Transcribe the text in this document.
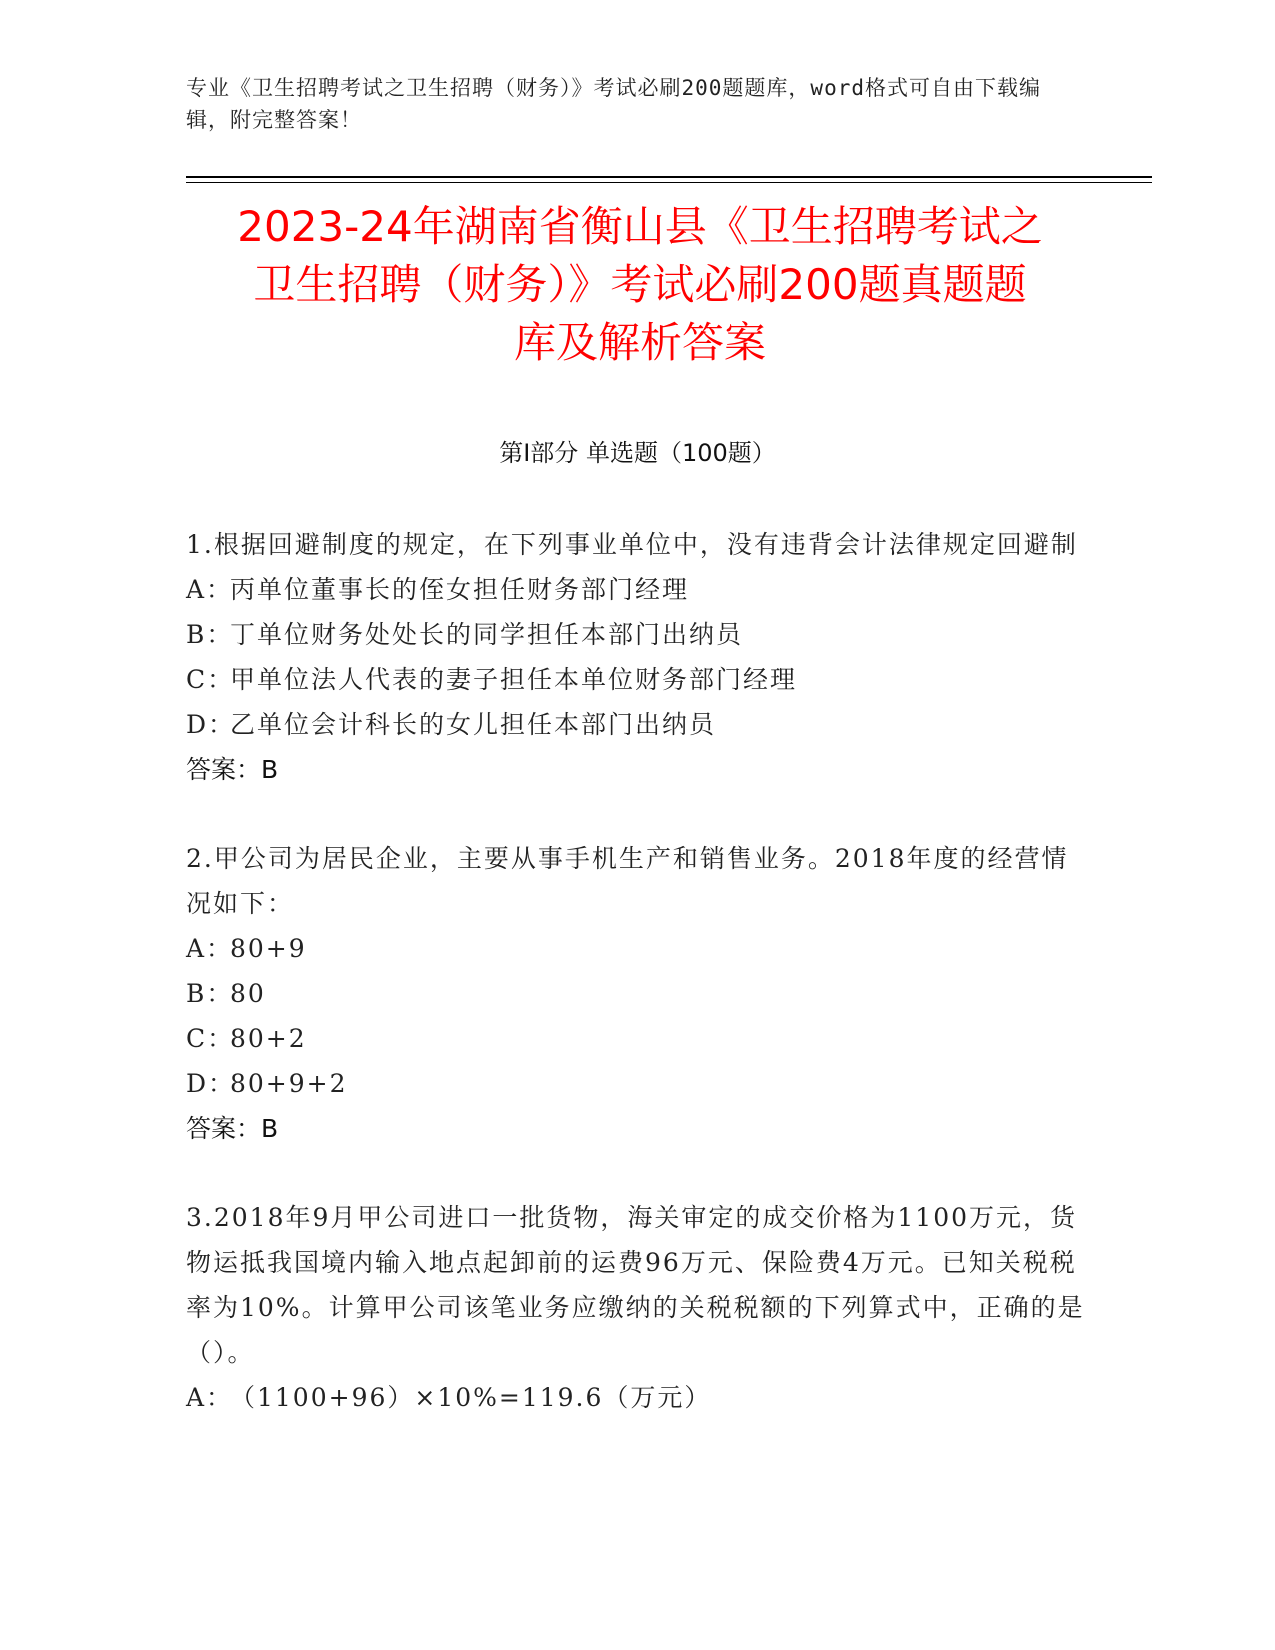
专业《卫生招聘考试之卫生招聘（财务）》考试必刷200题题库，word格式可自由下载编辑，附完整答案！
2023-24年湖南省衡山县《卫生招聘考试之
卫生招聘（财务）》考试必刷200题真题题
库及解析答案
第I部分 单选题（100题）
1.根据回避制度的规定，在下列事业单位中，没有违背会计法律规定回避制
A：丙单位董事长的侄女担任财务部门经理
B：丁单位财务处处长的同学担任本部门出纳员
C：甲单位法人代表的妻子担任本单位财务部门经理
D：乙单位会计科长的女儿担任本部门出纳员
答案：B
2.甲公司为居民企业，主要从事手机生产和销售业务。2018年度的经营情况如下：
A：80+9
B：80
C：80+2
D：80+9+2
答案：B
3.2018年9月甲公司进口一批货物，海关审定的成交价格为1100万元，货物运抵我国境内输入地点起卸前的运费96万元、保险费4万元。已知关税税率为10%。计算甲公司该笔业务应缴纳的关税税额的下列算式中，正确的是（）。
A：（1100+96）×10%=119.6（万元）
